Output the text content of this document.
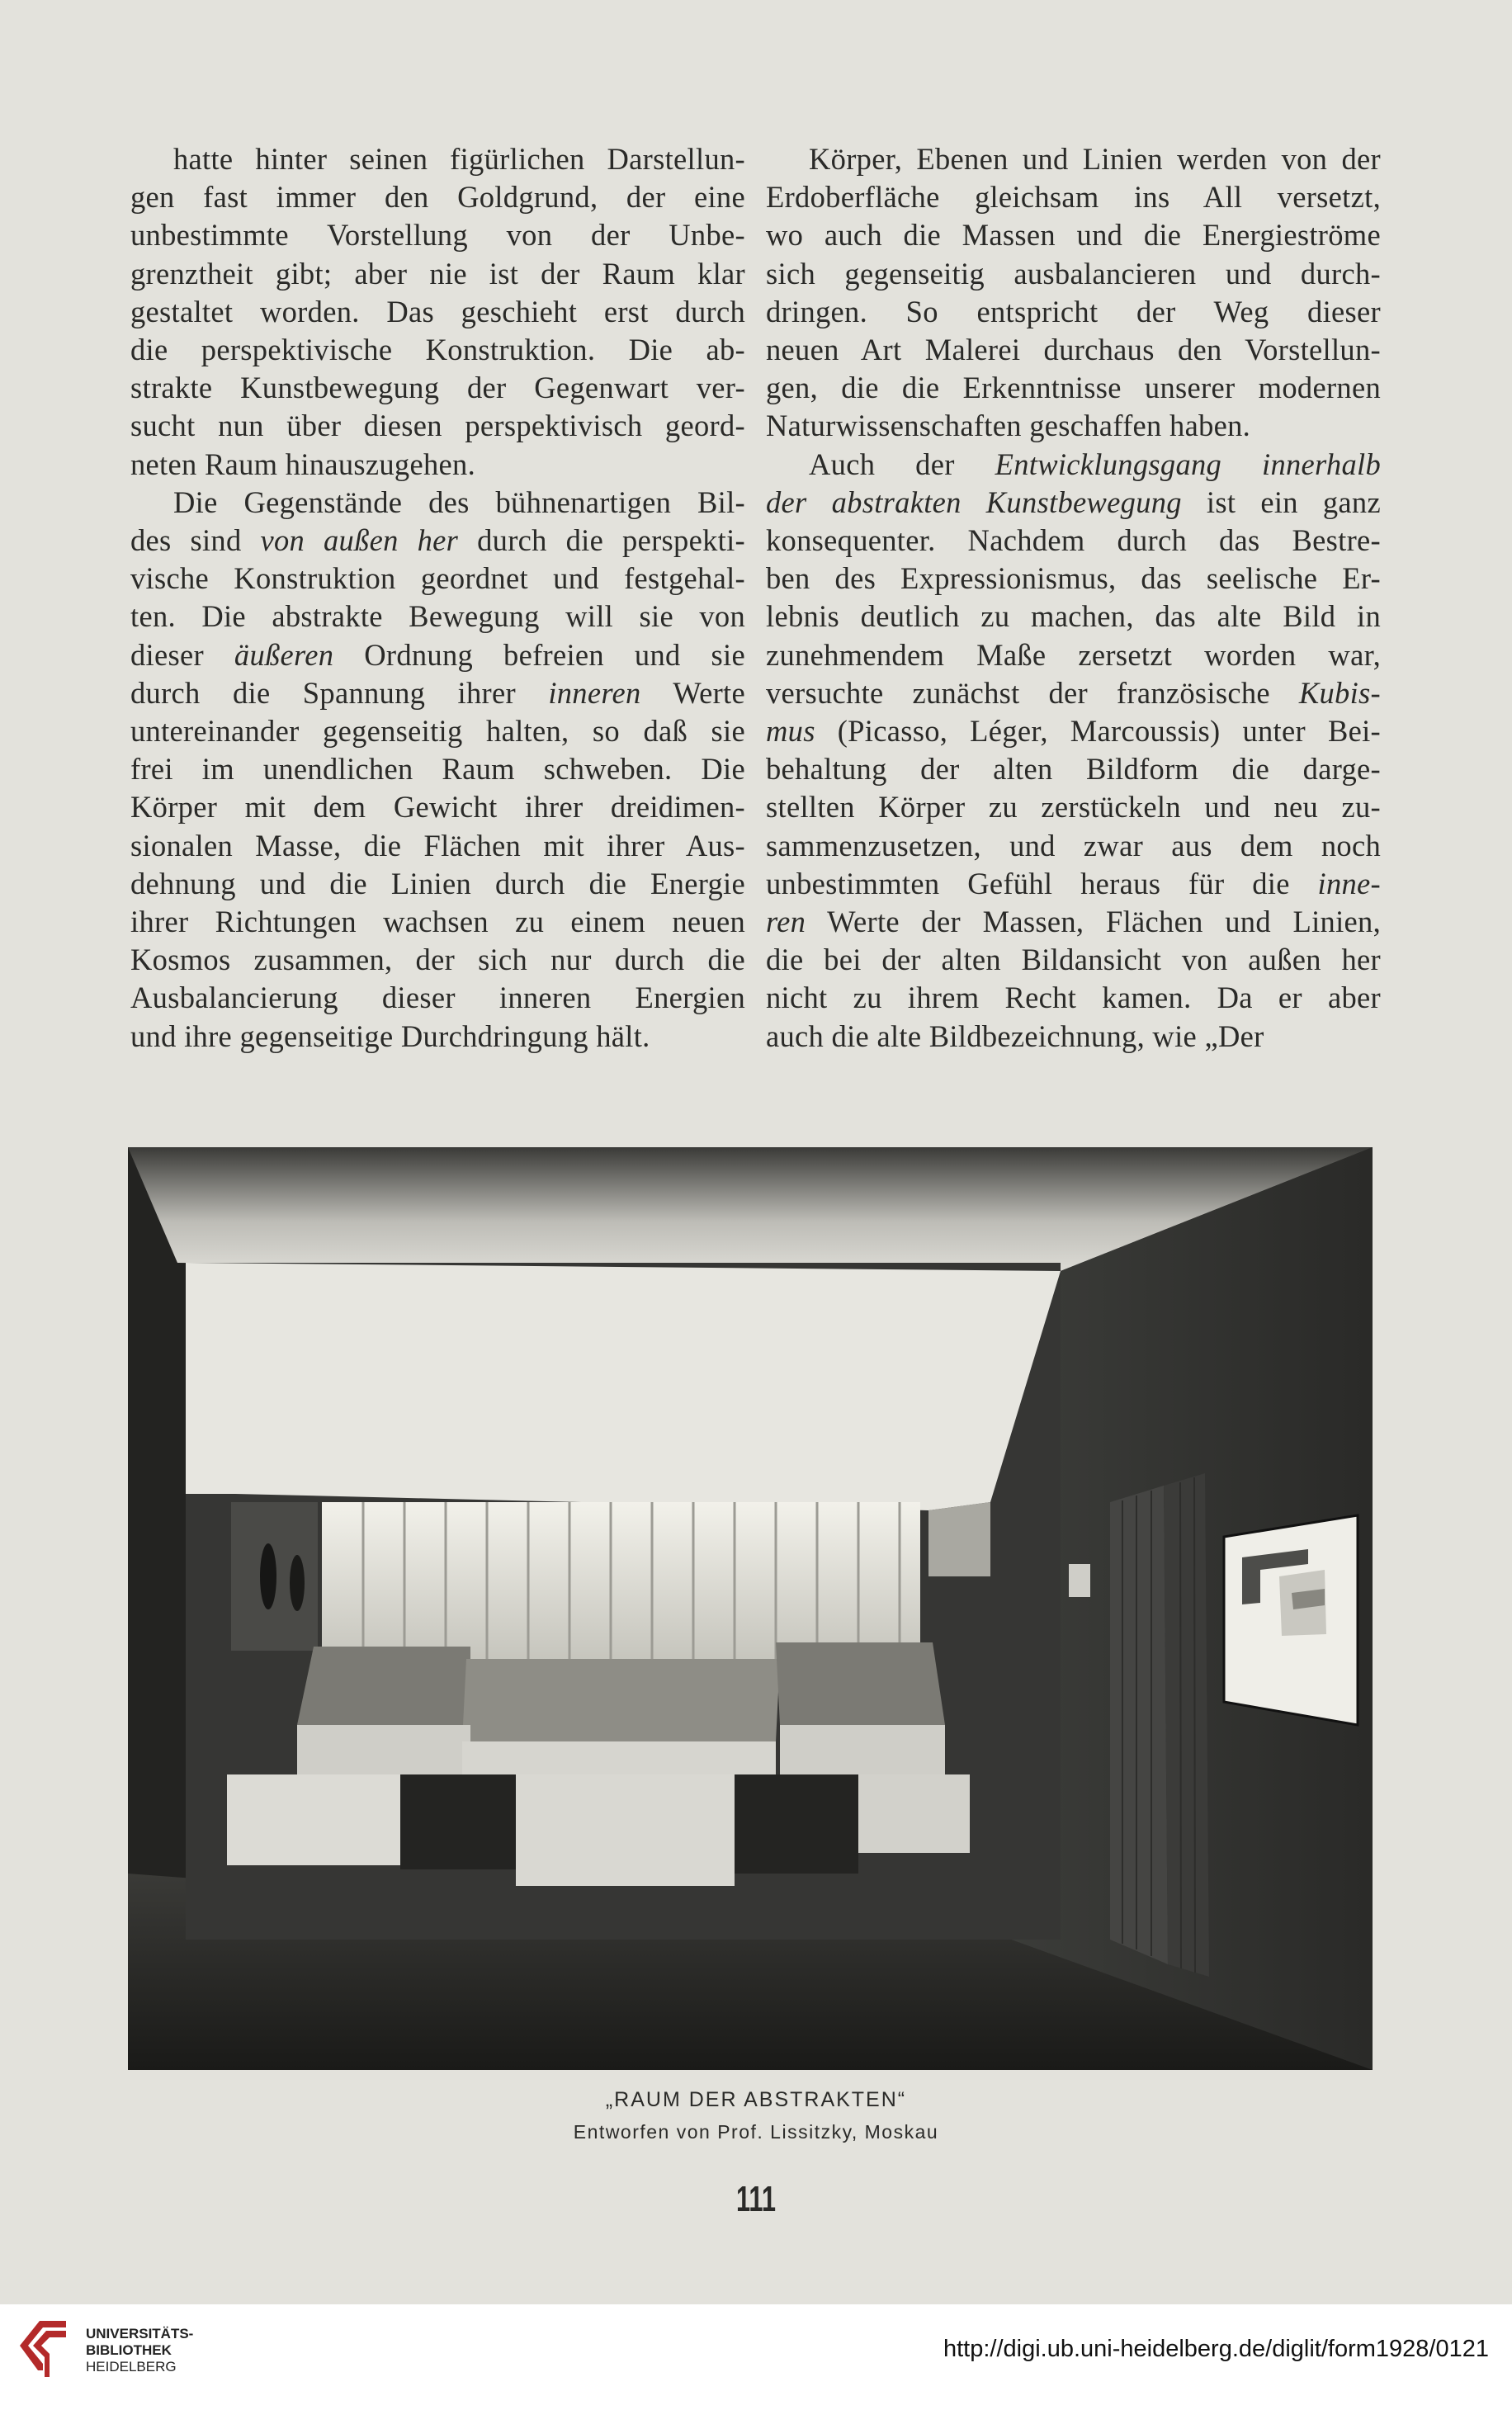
hatte hinter seinen figürlichen Darstellun-
gen fast immer den Goldgrund, der eine
unbestimmte Vorstellung von der Unbe-
grenztheit gibt; aber nie ist der Raum klar
gestaltet worden. Das geschieht erst durch
die perspektivische Konstruktion. Die ab-
strakte Kunstbewegung der Gegenwart ver-
sucht nun über diesen perspektivisch geord-
neten Raum hinauszugehen.

Die Gegenstände des bühnenartigen Bil-
des sind von außen her durch die perspekti-
vische Konstruktion geordnet und festgehal-
ten. Die abstrakte Bewegung will sie von
dieser äußeren Ordnung befreien und sie
durch die Spannung ihrer inneren Werte
untereinander gegenseitig halten, so daß sie
frei im unendlichen Raum schweben. Die
Körper mit dem Gewicht ihrer dreidimen-
sionalen Masse, die Flächen mit ihrer Aus-
dehnung und die Linien durch die Energie
ihrer Richtungen wachsen zu einem neuen
Kosmos zusammen, der sich nur durch die
Ausbalancierung dieser inneren Energien
und ihre gegenseitige Durchdringung hält.

Körper, Ebenen und Linien werden von der
Erdoberfläche gleichsam ins All versetzt,
wo auch die Massen und die Energieströme
sich gegenseitig ausbalancieren und durch-
dringen. So entspricht der Weg dieser
neuen Art Malerei durchaus den Vorstellun-
gen, die die Erkenntnisse unserer modernen
Naturwissenschaften geschaffen haben.

Auch der Entwicklungsgang innerhalb
der abstrakten Kunstbewegung ist ein ganz
konsequenter. Nachdem durch das Bestre-
ben des Expressionismus, das seelische Er-
lebnis deutlich zu machen, das alte Bild in
zunehmendem Maße zersetzt worden war,
versuchte zunächst der französische Kubis-
mus (Picasso, Léger, Marcoussis) unter Bei-
behaltung der alten Bildform die darge-
stellten Körper zu zerstückeln und neu zu-
sammenzusetzen, und zwar aus dem noch
unbestimmten Gefühl heraus für die inne-
ren Werte der Massen, Flächen und Linien,
die bei der alten Bildansicht von außen her
nicht zu ihrem Recht kamen. Da er aber
auch die alte Bildbezeichnung, wie „Der

„RAUM DER ABSTRAKTEN“
Entworfen von Prof. Lissitzky, Moskau
111
UNIVERSITÄTS-
BIBLIOTHEK
HEIDELBERG
http://digi.ub.uni-heidelberg.de/diglit/form1928/0121
